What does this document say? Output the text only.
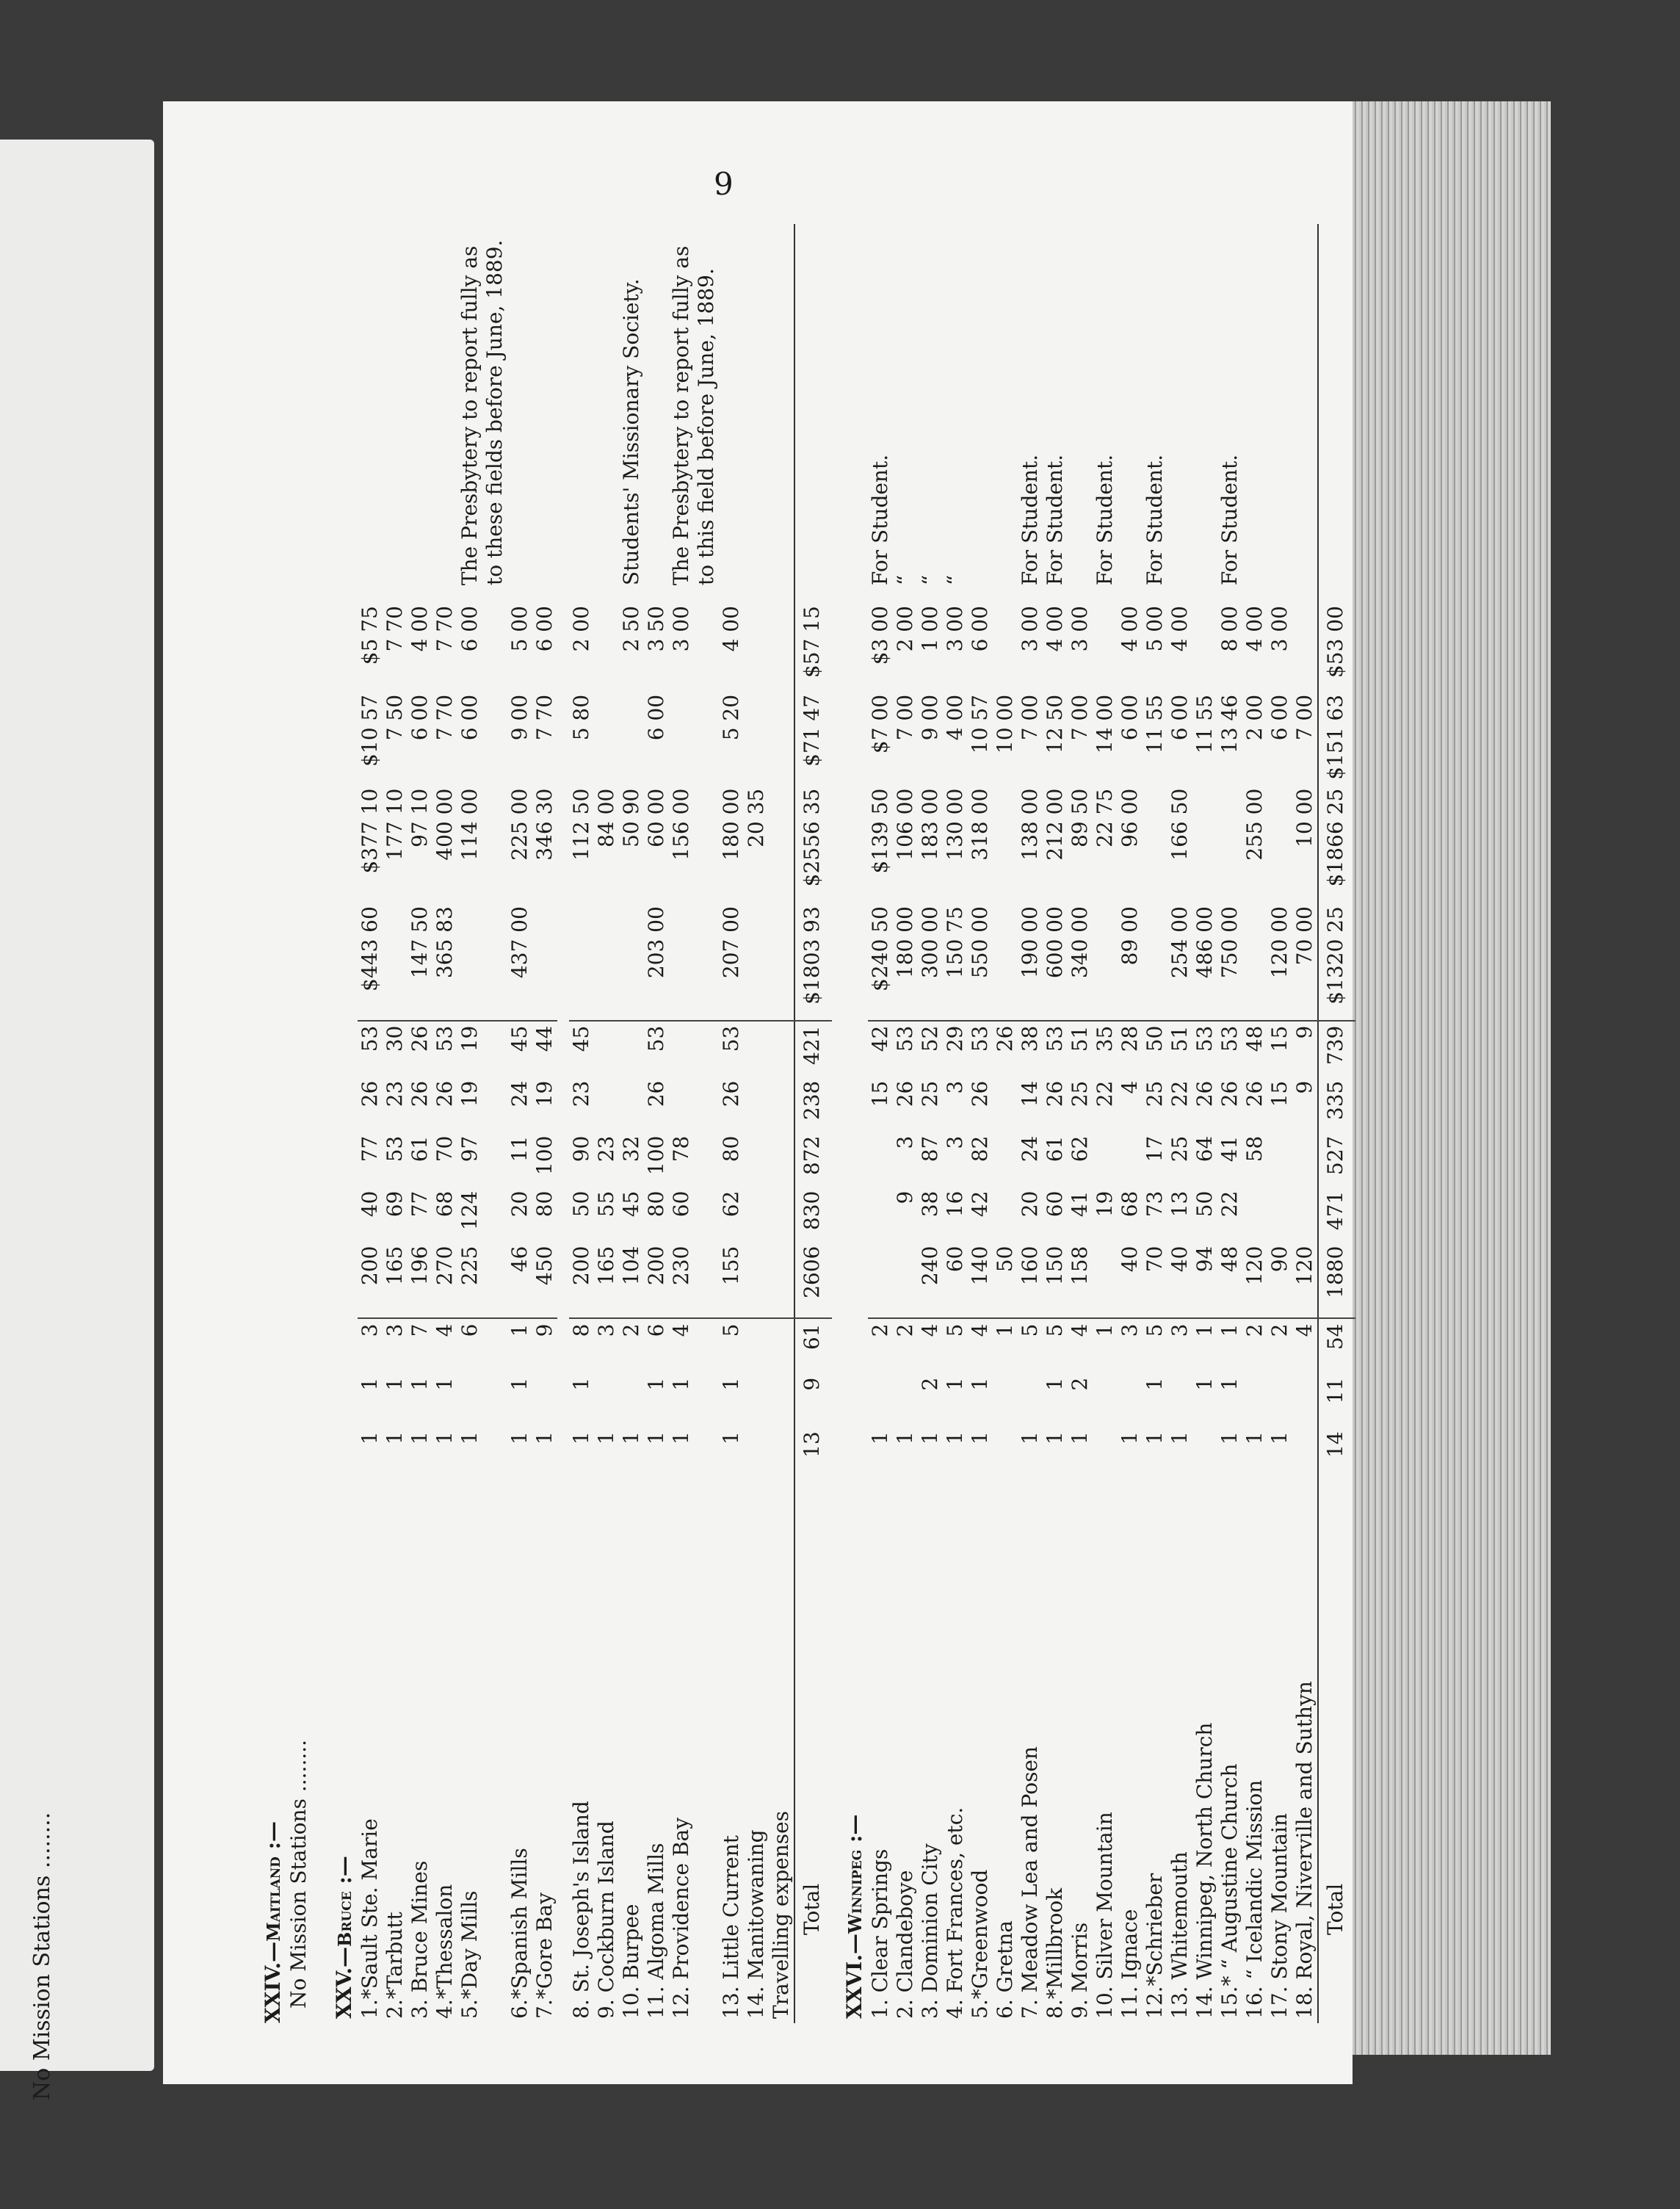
No Mission Stations ........
9
XXIV.—Maitland :— No Mission Stations ........ XXV.—Bruce :—													
1.*Sault Ste. Marie	1	1	3	200	40	77	26	53	$443 60	$377 10	$10 57	$5 75	
2.*Tarbutt	1	1	3	165	69	53	23	30		177 10	7 50	7 70	
3. Bruce Mines	1	1	7	196	77	61	26	26	147 50	97 10	6 00	4 00	
4.*Thessalon	1	1	4	270	68	70	26	53	365 83	400 00	7 70	7 70	
5.*Day Mills	1		6	225	124	97	19	19		114 00	6 00	6 00	The Presbytery to report fully as to these fields before June, 1889.
6.*Spanish Mills	1	1	1	46	20	11	24	45	437 00	225 00	9 00	5 00	
7.*Gore Bay	1		9	450	80	100	19	44		346 30	7 70	6 00	

8. St. Joseph's Island	1	1	8	200	50	90	23	45		112 50	5 80	2 00	
9. Cockburn Island	1		3	165	55	23				84 00			
10. Burpee	1		2	104	45	32				50 90		2 50	Students' Missionary Society.
11. Algoma Mills	1	1	6	200	80	100	26	53	203 00	60 00	6 00	3 50	
12. Providence Bay	1	1	4	230	60	78				156 00		3 00	The Presbytery to report fully as to this field before June, 1889.
13. Little Current	1	1	5	155	62	80	26	53	207 00	180 00	5 20	4 00	
14. Manitowaning										20 35			
Travelling expenses													
Total	13	9	61	2606	830	872	238	421	$1803 93	$2556 35	$71 47	$57 15	
XXVI.—Winnipeg :—													
1. Clear Springs	1		2				15	42	$240 50	$139 50	$7 00	$3 00	For Student.
2. Clandeboye	1		2		9	3	26	53	180 00	106 00	7 00	2 00	“
3. Dominion City	1	2	4	240	38	87	25	52	300 00	183 00	9 00	1 00	“
4. Fort Frances, etc.	1	1	5	60	16	3	3	29	150 75	130 00	4 00	3 00	“
5.*Greenwood	1	1	4	140	42	82	26	53	550 00	318 00	10 57	6 00	
6. Gretna			1	50				26			10 00		
7. Meadow Lea and Posen	1		5	160	20	24	14	38	190 00	138 00	7 00	3 00	For Student.
8.*Millbrook	1	1	5	150	60	61	26	53	600 00	212 00	12 50	4 00	For Student.
9. Morris	1	2	4	158	41	62	25	51	340 00	89 50	7 00	3 00	
10. Silver Mountain			1		19		22	35		22 75	14 00		For Student.
11. Ignace	1		3	40	68		4	28	89 00	96 00	6 00	4 00	
12.*Schrieber	1	1	5	70	73	17	25	50			11 55	5 00	For Student.
13. Whitemouth	1		3	40	13	25	22	51	254 00	166 50	6 00	4 00	
14. Winnipeg, North Church		1	1	94	50	64	26	53	486 00		11 55		
15.* “ Augustine Church	1	1	1	48	22	41	26	53	750 00		13 46	8 00	For Student.
16. “ Icelandic Mission	1		2	120		58	26	48		255 00	2 00	4 00	
17. Stony Mountain	1		2	90			15	15	120 00		6 00	3 00	
18. Royal, Niverville and Suthyn			4	120			9	9	70 00	10 00	7 00		
Total	14	11	54	1880	471	527	335	739	$1320 25	$1866 25	$151 63	$53 00	
